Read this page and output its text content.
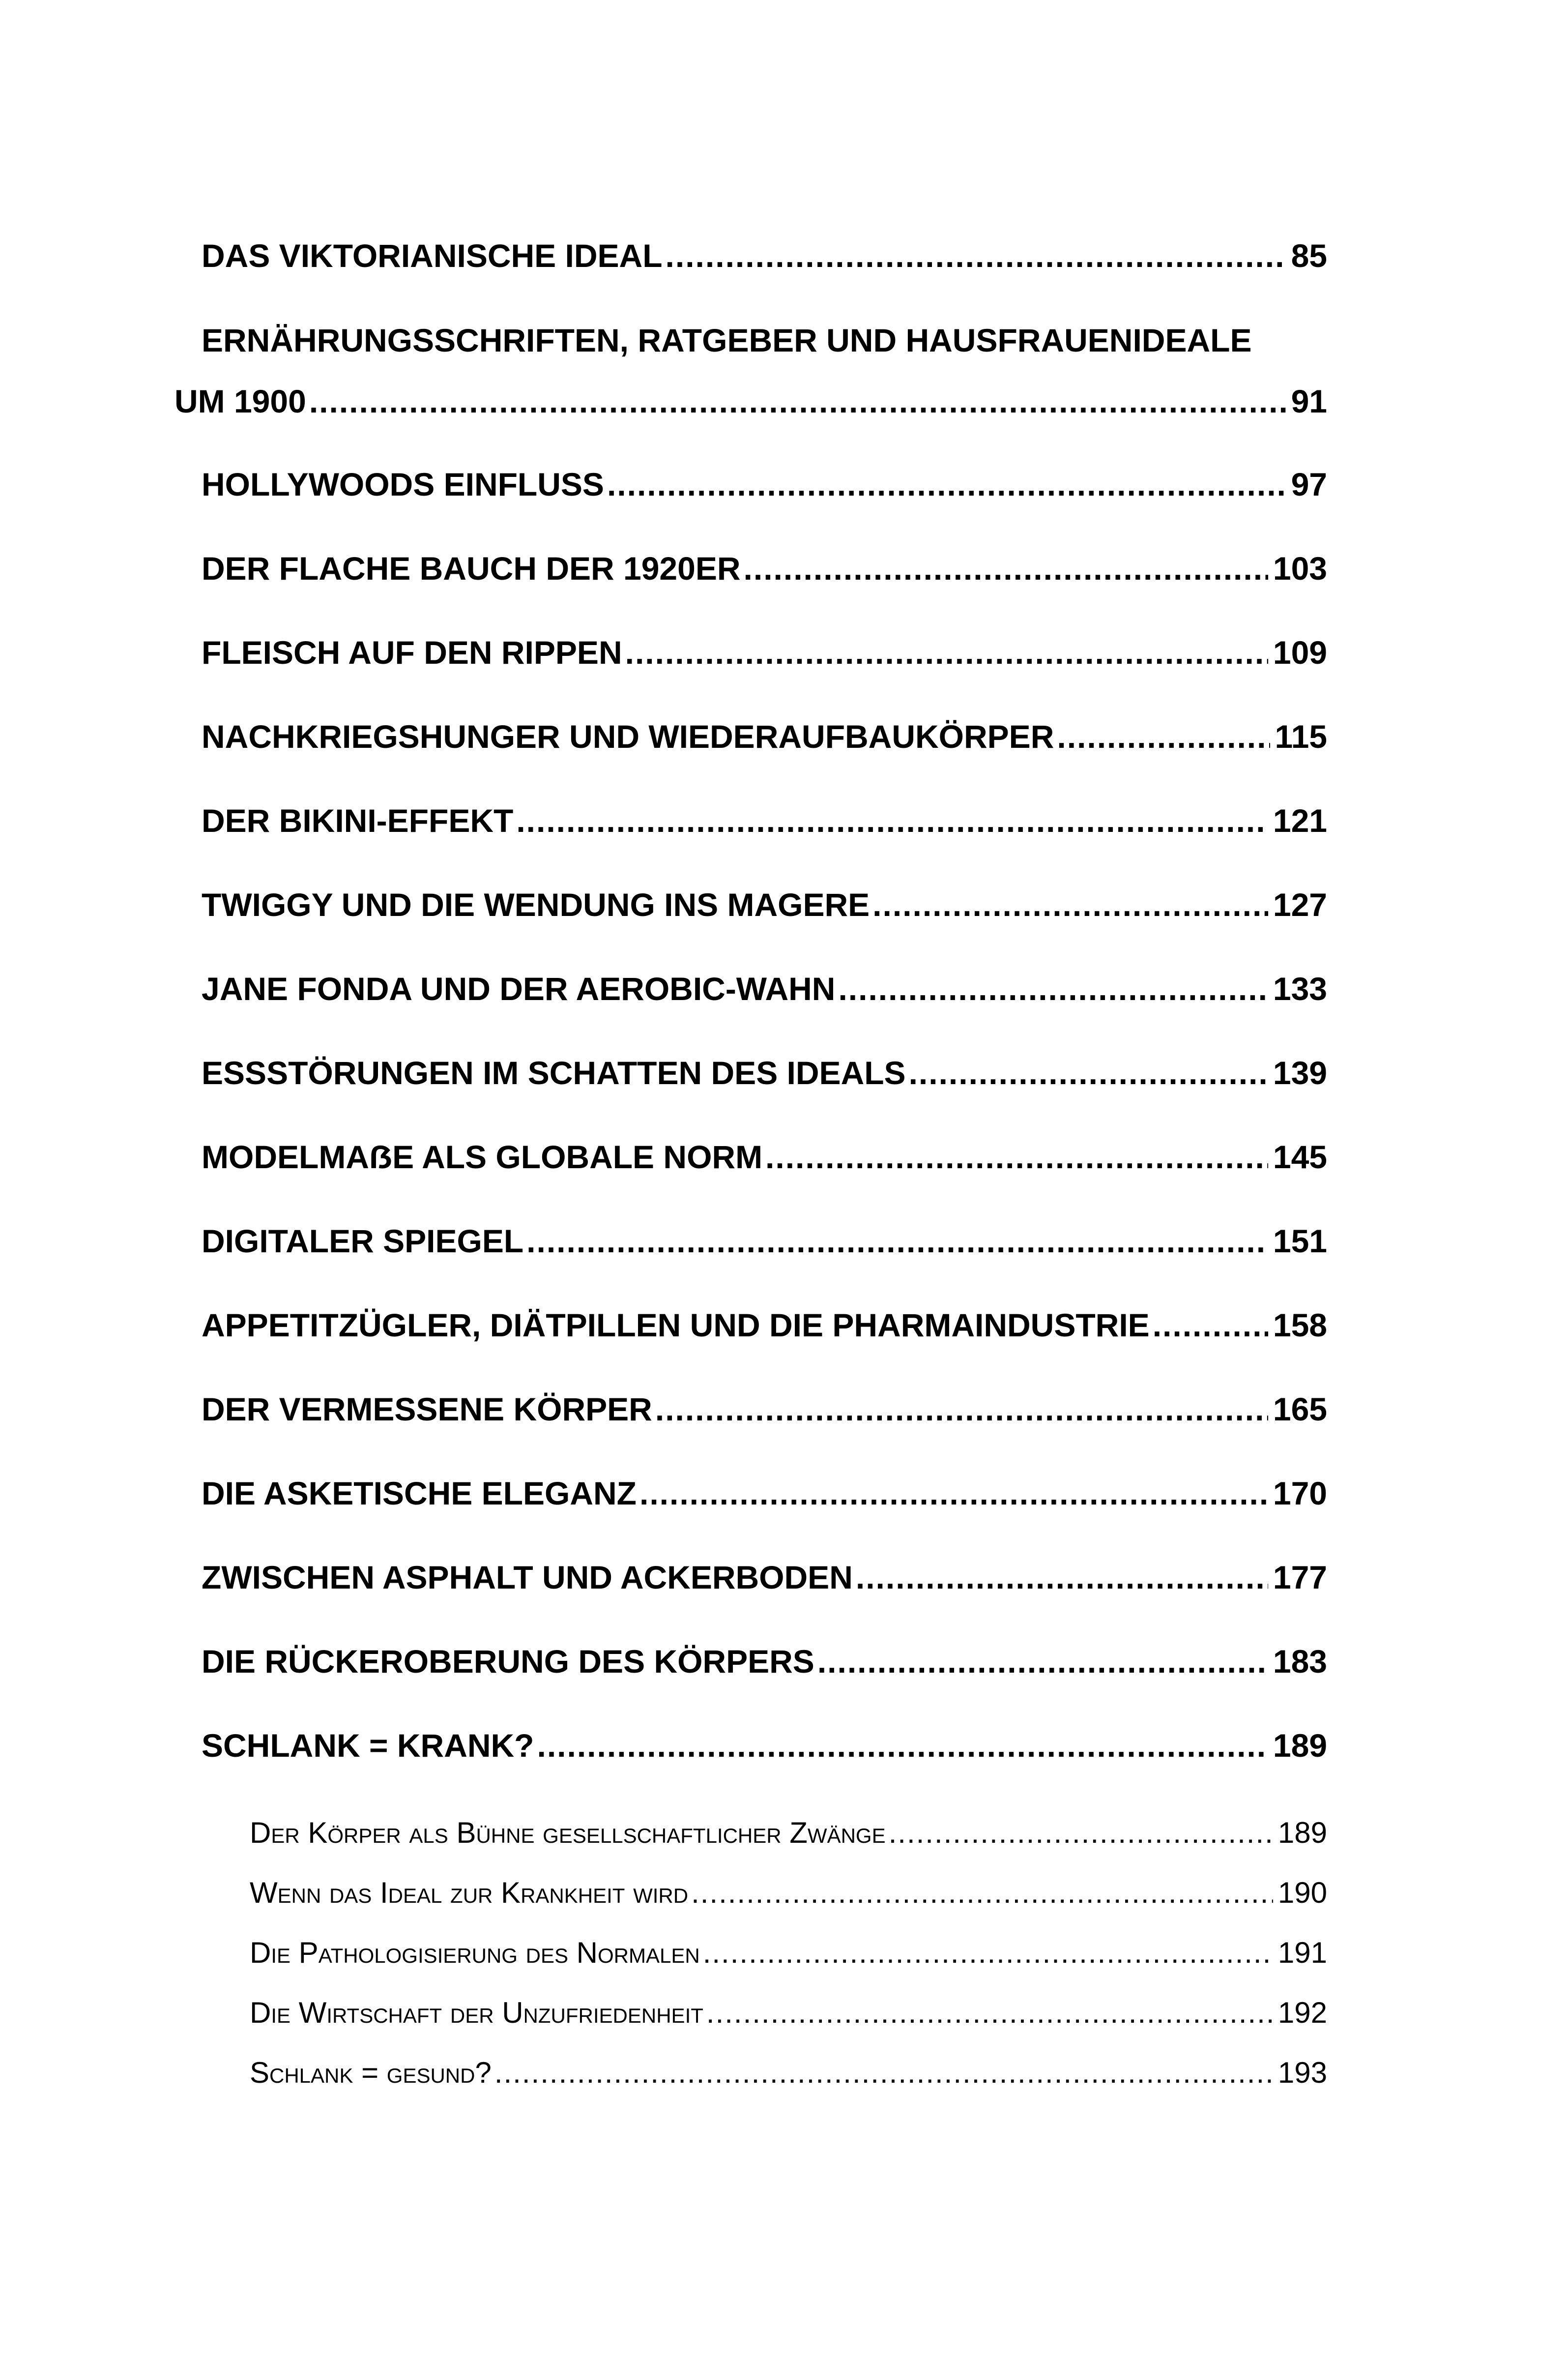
DAS VIKTORIANISCHE IDEAL .....	85
ERNÄHRUNGSSCHRIFTEN, RATGEBER UND HAUSFRAUENIDEALE
UM 1900 .....	91
HOLLYWOODS EINFLUSS .....	97
DER FLACHE BAUCH DER 1920ER .....	103
FLEISCH AUF DEN RIPPEN .....	109
NACHKRIEGSHUNGER UND WIEDERAUFBAUKÖRPER .....	115
DER BIKINI-EFFEKT .....	121
TWIGGY UND DIE WENDUNG INS MAGERE .....	127
JANE FONDA UND DER AEROBIC-WAHN .....	133
ESSSTÖRUNGEN IM SCHATTEN DES IDEALS .....	139
MODELMAẞE ALS GLOBALE NORM .....	145
DIGITALER SPIEGEL .....	151
APPETITZÜGLER, DIÄTPILLEN UND DIE PHARMAINDUSTRIE .....	158
DER VERMESSENE KÖRPER .....	165
DIE ASKETISCHE ELEGANZ .....	170
ZWISCHEN ASPHALT UND ACKERBODEN .....	177
DIE RÜCKEROBERUNG DES KÖRPERS .....	183
SCHLANK = KRANK? .....	189
Der Körper als Bühne gesellschaftlicher Zwänge .....	189
Wenn das Ideal zur Krankheit wird .....	190
Die Pathologisierung des Normalen .....	191
Die Wirtschaft der Unzufriedenheit .....	192
Schlank = gesund? .....	193
